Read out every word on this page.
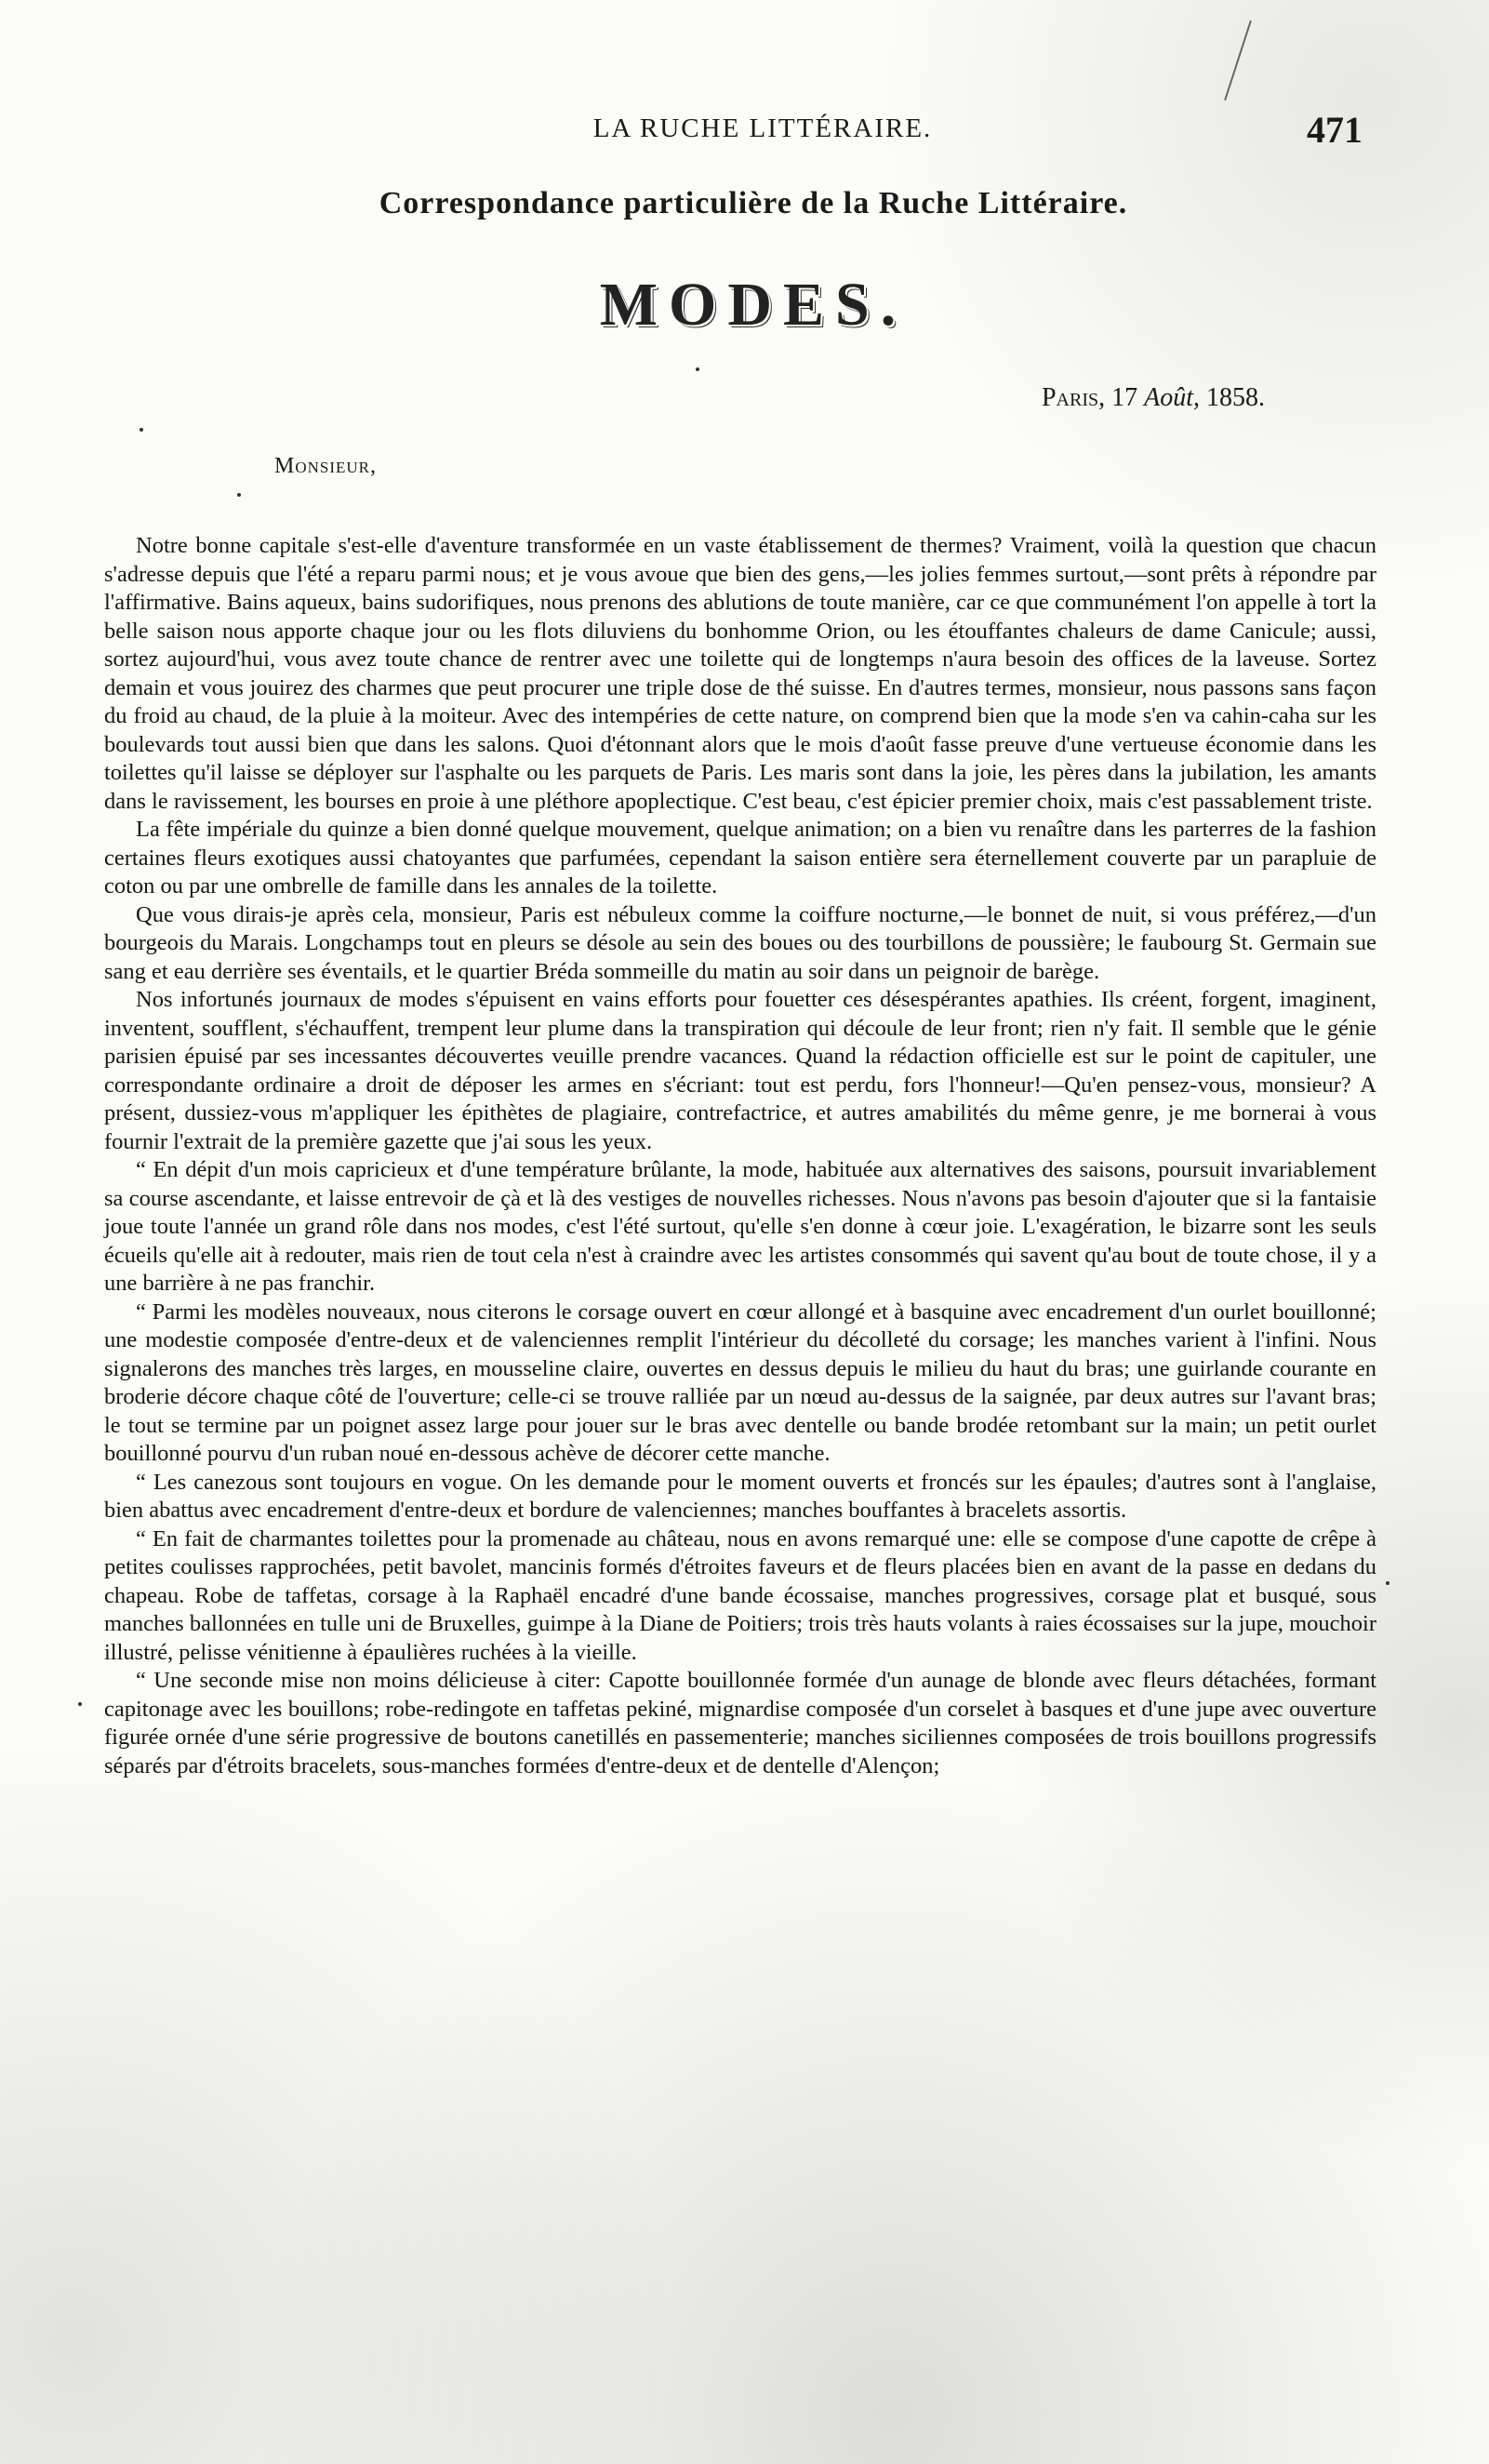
LA RUCHE LITTÉRAIRE.	471
Correspondance particulière de la Ruche Littéraire.
MODES.
Paris, 17 Août, 1858.
Monsieur,

Notre bonne capitale s'est-elle d'aventure transformée en un vaste établissement de thermes? Vraiment, voilà la question que chacun s'adresse depuis que l'été a reparu parmi nous; et je vous avoue que bien des gens,—les jolies femmes surtout,—sont prêts à répondre par l'affirmative. Bains aqueux, bains sudorifiques, nous prenons des ablutions de toute manière, car ce que communément l'on appelle à tort la belle saison nous apporte chaque jour ou les flots diluviens du bonhomme Orion, ou les étouffantes chaleurs de dame Canicule; aussi, sortez aujourd'hui, vous avez toute chance de rentrer avec une toilette qui de longtemps n'aura besoin des offices de la laveuse. Sortez demain et vous jouirez des charmes que peut procurer une triple dose de thé suisse. En d'autres termes, monsieur, nous passons sans façon du froid au chaud, de la pluie à la moiteur. Avec des intempéries de cette nature, on comprend bien que la mode s'en va cahin-caha sur les boulevards tout aussi bien que dans les salons. Quoi d'étonnant alors que le mois d'août fasse preuve d'une vertueuse économie dans les toilettes qu'il laisse se déployer sur l'asphalte ou les parquets de Paris. Les maris sont dans la joie, les pères dans la jubilation, les amants dans le ravissement, les bourses en proie à une pléthore apoplectique. C'est beau, c'est épicier premier choix, mais c'est passablement triste.

La fête impériale du quinze a bien donné quelque mouvement, quelque animation; on a bien vu renaître dans les parterres de la fashion certaines fleurs exotiques aussi chatoyantes que parfumées, cependant la saison entière sera éternellement couverte par un parapluie de coton ou par une ombrelle de famille dans les annales de la toilette.

Que vous dirais-je après cela, monsieur, Paris est nébuleux comme la coiffure nocturne,—le bonnet de nuit, si vous préférez,—d'un bourgeois du Marais. Longchamps tout en pleurs se désole au sein des boues ou des tourbillons de poussière; le faubourg St. Germain sue sang et eau derrière ses éventails, et le quartier Bréda sommeille du matin au soir dans un peignoir de barège.

Nos infortunés journaux de modes s'épuisent en vains efforts pour fouetter ces désespérantes apathies. Ils créent, forgent, imaginent, inventent, soufflent, s'échauffent, trempent leur plume dans la transpiration qui découle de leur front; rien n'y fait. Il semble que le génie parisien épuisé par ses incessantes découvertes veuille prendre vacances. Quand la rédaction officielle est sur le point de capituler, une correspondante ordinaire a droit de déposer les armes en s'écriant: tout est perdu, fors l'honneur!—Qu'en pensez-vous, monsieur? A présent, dussiez-vous m'appliquer les épithètes de plagiaire, contrefactrice, et autres amabilités du même genre, je me bornerai à vous fournir l'extrait de la première gazette que j'ai sous les yeux.

“ En dépit d'un mois capricieux et d'une température brûlante, la mode, habituée aux alternatives des saisons, poursuit invariablement sa course ascendante, et laisse entrevoir de çà et là des vestiges de nouvelles richesses. Nous n'avons pas besoin d'ajouter que si la fantaisie joue toute l'année un grand rôle dans nos modes, c'est l'été surtout, qu'elle s'en donne à cœur joie. L'exagération, le bizarre sont les seuls écueils qu'elle ait à redouter, mais rien de tout cela n'est à craindre avec les artistes consommés qui savent qu'au bout de toute chose, il y a une barrière à ne pas franchir.

“ Parmi les modèles nouveaux, nous citerons le corsage ouvert en cœur allongé et à basquine avec encadrement d'un ourlet bouillonné; une modestie composée d'entre-deux et de valenciennes remplit l'intérieur du décolleté du corsage; les manches varient à l'infini. Nous signalerons des manches très larges, en mousseline claire, ouvertes en dessus depuis le milieu du haut du bras; une guirlande courante en broderie décore chaque côté de l'ouverture; celle-ci se trouve ralliée par un nœud au-dessus de la saignée, par deux autres sur l'avant bras; le tout se termine par un poignet assez large pour jouer sur le bras avec dentelle ou bande brodée retombant sur la main; un petit ourlet bouillonné pourvu d'un ruban noué en-dessous achève de décorer cette manche.

“ Les canezous sont toujours en vogue. On les demande pour le moment ouverts et froncés sur les épaules; d'autres sont à l'anglaise, bien abattus avec encadrement d'entre-deux et bordure de valenciennes; manches bouffantes à bracelets assortis.

“ En fait de charmantes toilettes pour la promenade au château, nous en avons remarqué une: elle se compose d'une capotte de crêpe à petites coulisses rapprochées, petit bavolet, mancinis formés d'étroites faveurs et de fleurs placées bien en avant de la passe en dedans du chapeau. Robe de taffetas, corsage à la Raphaël encadré d'une bande écossaise, manches progressives, corsage plat et busqué, sous manches ballonnées en tulle uni de Bruxelles, guimpe à la Diane de Poitiers; trois très hauts volants à raies écossaises sur la jupe, mouchoir illustré, pelisse vénitienne à épaulières ruchées à la vieille.

“ Une seconde mise non moins délicieuse à citer: Capotte bouillonnée formée d'un aunage de blonde avec fleurs détachées, formant capitonage avec les bouillons; robe-redingote en taffetas pekiné, mignardise composée d'un corselet à basques et d'une jupe avec ouverture figurée ornée d'une série progressive de boutons canetillés en passementerie; manches siciliennes composées de trois bouillons progressifs séparés par d'étroits bracelets, sous-manches formées d'entre-deux et de dentelle d'Alençon;
